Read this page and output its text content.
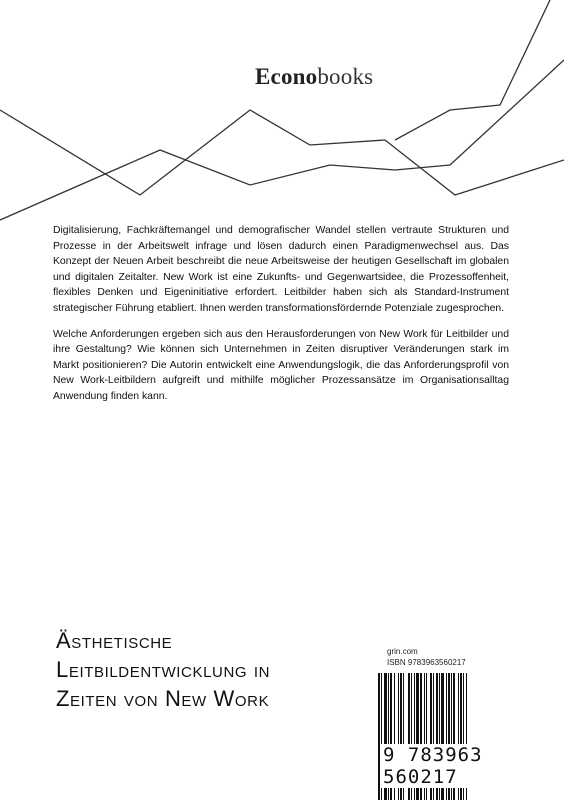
Econobooks

Digitalisierung, Fachkräftemangel und demografischer Wandel stellen vertraute Strukturen und Prozesse in der Arbeitswelt infrage und lösen dadurch einen Paradigmenwechsel aus. Das Konzept der Neuen Arbeit beschreibt die neue Arbeitsweise der heutigen Gesellschaft im globalen und digitalen Zeitalter. New Work ist eine Zukunfts- und Gegenwartsidee, die Prozessoffenheit, flexibles Denken und Eigeninitiative erfordert. Leitbilder haben sich als Standard-Instrument strategischer Führung etabliert. Ihnen werden transformationsfördernde Potenziale zugesprochen.

Welche Anforderungen ergeben sich aus den Herausforderungen von New Work für Leitbilder und ihre Gestaltung? Wie können sich Unternehmen in Zeiten disruptiver Veränderungen stark im Markt positionieren? Die Autorin entwickelt eine Anwendungslogik, die das Anforderungsprofil von New Work-Leitbildern aufgreift und mithilfe möglicher Prozessansätze im Organisationsalltag Anwendung finden kann.

Ästhetische
Leitbildentwicklung in
Zeiten von New Work
grin.com
ISBN 9783963560217
9 783963 560217
